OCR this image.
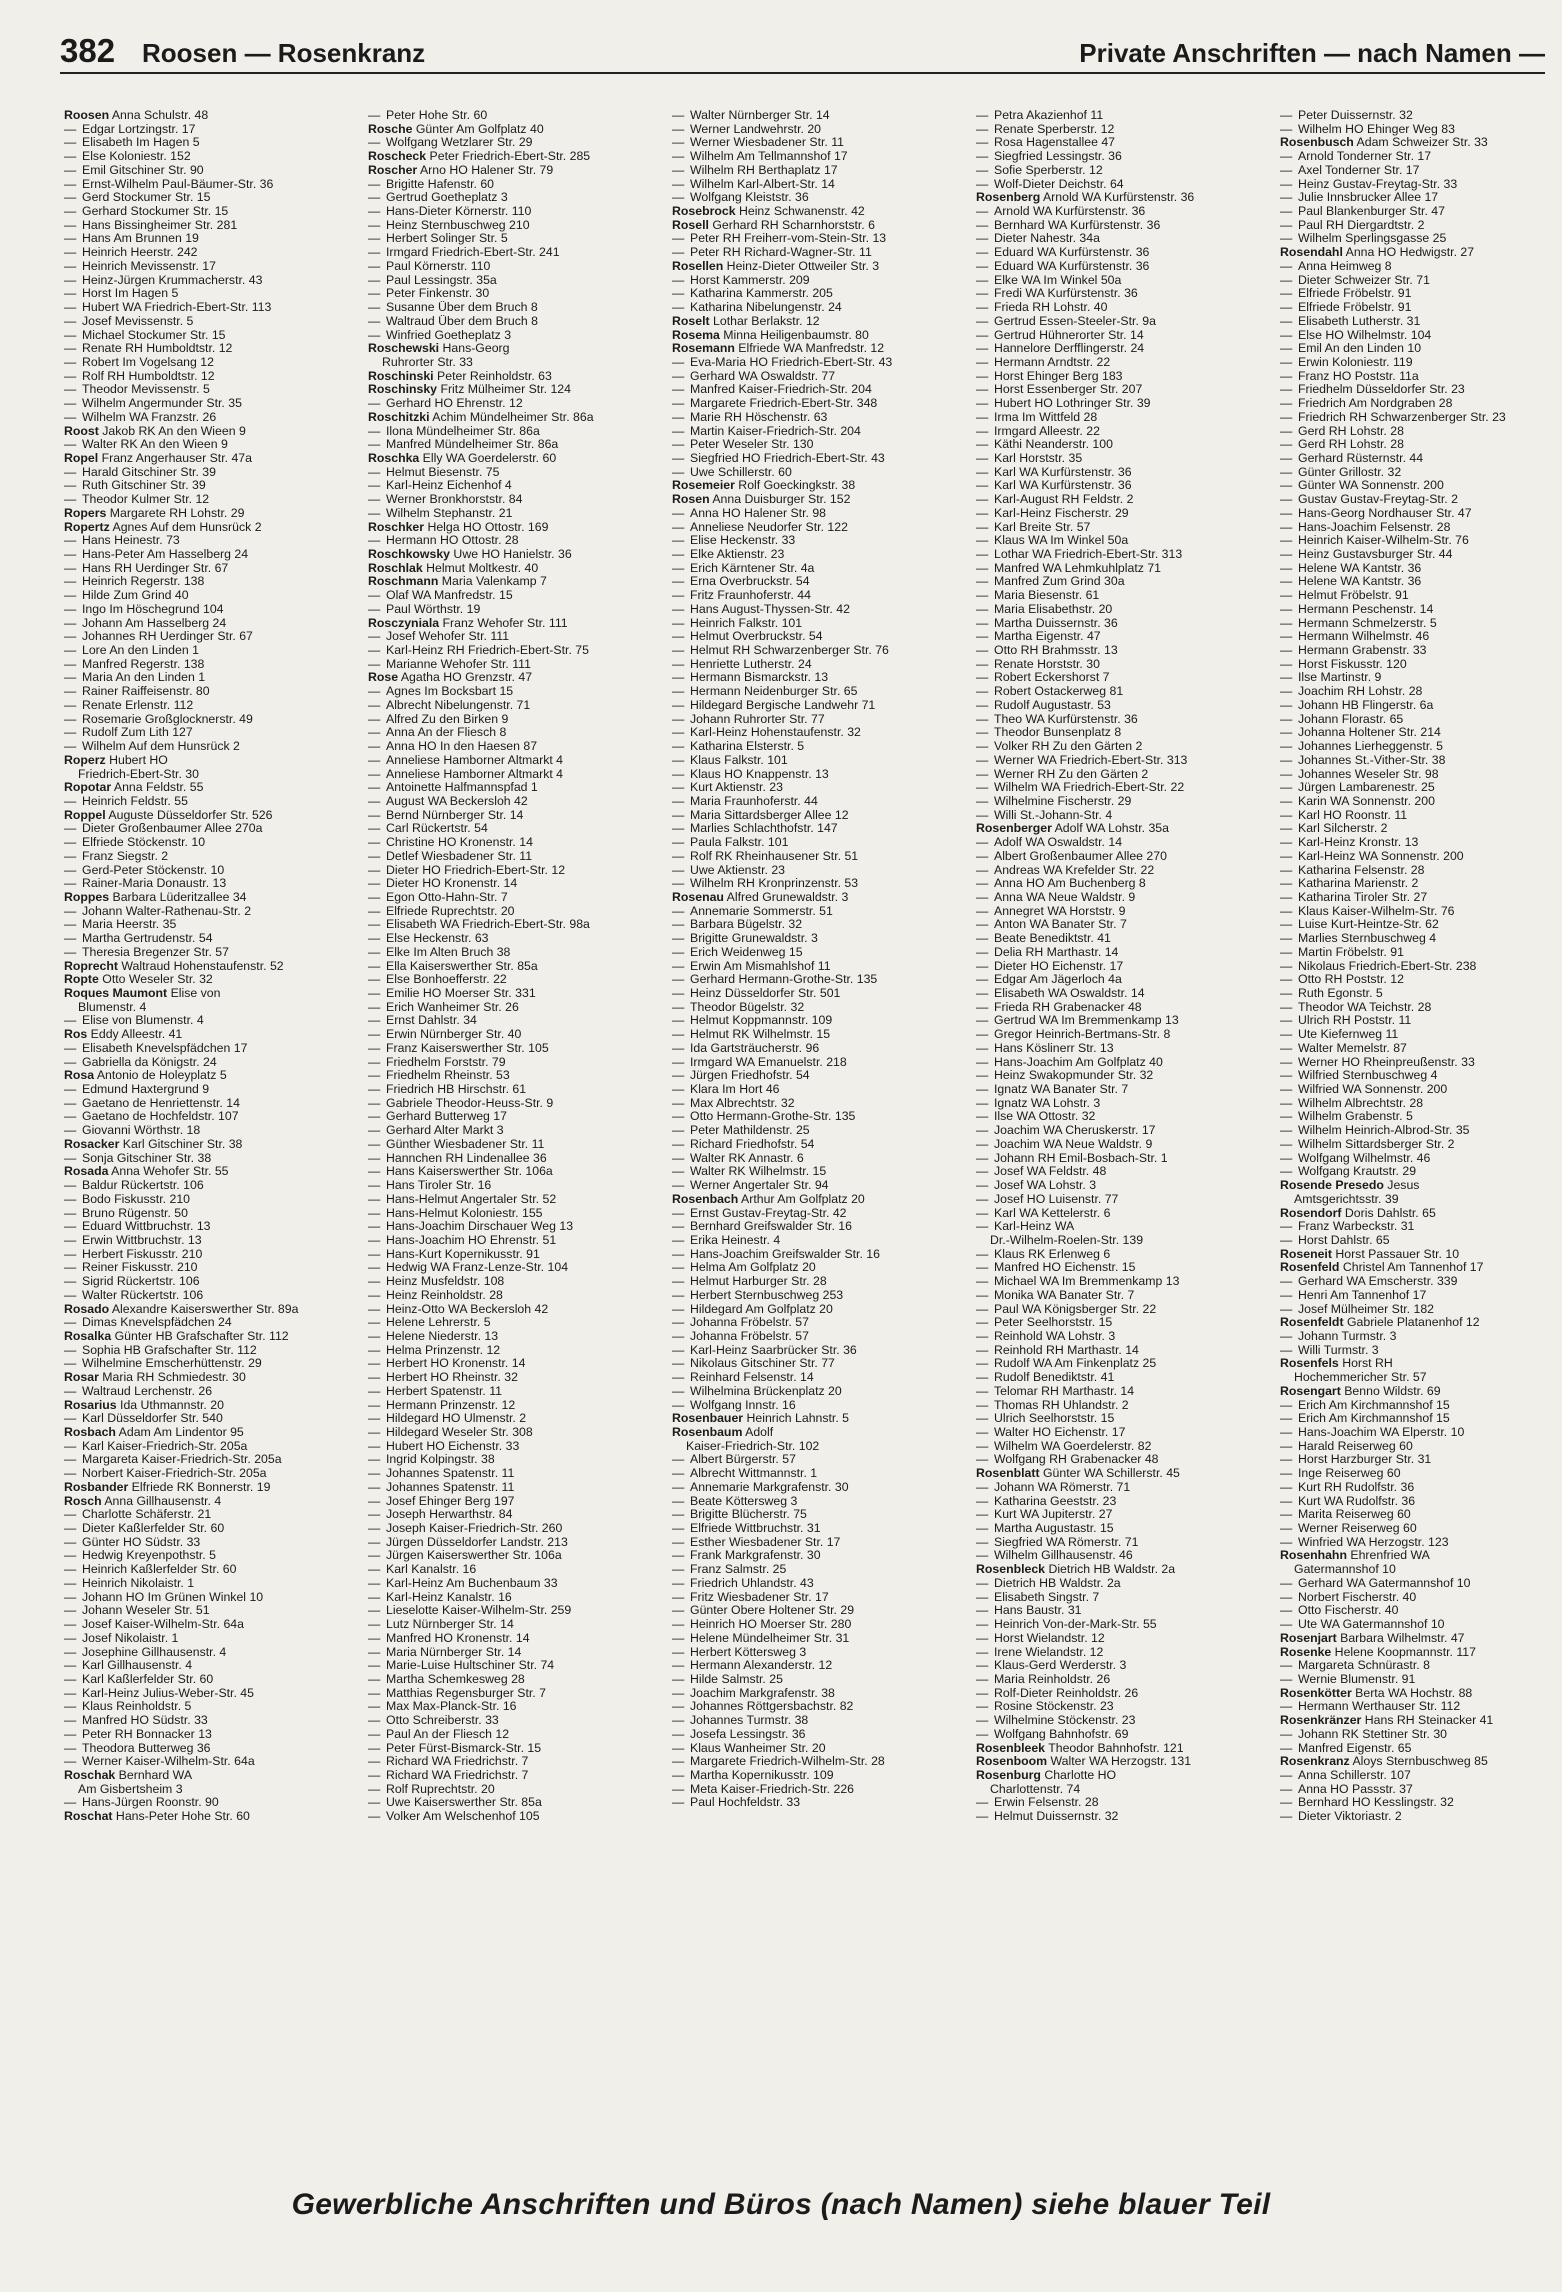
382 Roosen — Rosenkranz	Private Anschriften — nach Namen —
Roosen Anna Schulstr. 48
— Edgar Lortzingstr. 17
— Elisabeth Im Hagen 5
— Else Koloniestr. 152
— Emil Gitschiner Str. 90
— Ernst-Wilhelm Paul-Bäumer-Str. 36
— Gerd Stockumer Str. 15
— Gerhard Stockumer Str. 15
— Hans Bissingheimer Str. 281
— Hans Am Brunnen 19
— Heinrich Heerstr. 242
— Heinrich Mevissenstr. 17
— Heinz-Jürgen Krummacherstr. 43
— Horst Im Hagen 5
— Hubert WA Friedrich-Ebert-Str. 113
— Josef Mevissenstr. 5
— Michael Stockumer Str. 15
— Renate RH Humboldtstr. 12
— Robert Im Vogelsang 12
— Rolf RH Humboldtstr. 12
— Theodor Mevissenstr. 5
— Wilhelm Angermunder Str. 35
— Wilhelm WA Franzstr. 26
Roost Jakob RK An den Wieen 9
— Walter RK An den Wieen 9
Ropel Franz Angerhauser Str. 47a
— Harald Gitschiner Str. 39
— Ruth Gitschiner Str. 39
— Theodor Kulmer Str. 12
Ropers Margarete RH Lohstr. 29
Ropertz Agnes Auf dem Hunsrück 2
— Hans Heinestr. 73
— Hans-Peter Am Hasselberg 24
— Hans RH Uerdinger Str. 67
— Heinrich Regerstr. 138
— Hilde Zum Grind 40
— Ingo Im Höschegrund 104
— Johann Am Hasselberg 24
— Johannes RH Uerdinger Str. 67
— Lore An den Linden 1
— Manfred Regerstr. 138
— Maria An den Linden 1
— Rainer Raiffeisenstr. 80
— Renate Erlenstr. 112
— Rosemarie Großglocknerstr. 49
— Rudolf Zum Lith 127
— Wilhelm Auf dem Hunsrück 2
Roperz Hubert HO
Friedrich-Ebert-Str. 30
Ropotar Anna Feldstr. 55
— Heinrich Feldstr. 55
Roppel Auguste Düsseldorfer Str. 526
— Dieter Großenbaumer Allee 270a
— Elfriede Stöckenstr. 10
— Franz Siegstr. 2
— Gerd-Peter Stöckenstr. 10
— Rainer-Maria Donaustr. 13
Roppes Barbara Lüderitzallee 34
— Johann Walter-Rathenau-Str. 2
— Maria Heerstr. 35
— Martha Gertrudenstr. 54
— Theresia Bregenzer Str. 57
Roprecht Waltraud Hohenstaufenstr. 52
Ropte Otto Weseler Str. 32
Roques Maumont Elise von
Blumenstr. 4
— Elise von Blumenstr. 4
Ros Eddy Alleestr. 41
— Elisabeth Knevelspfädchen 17
— Gabriella da Königstr. 24
Rosa Antonio de Holeyplatz 5
— Edmund Haxtergrund 9
— Gaetano de Henriettenstr. 14
— Gaetano de Hochfeldstr. 107
— Giovanni Wörthstr. 18
Rosacker Karl Gitschiner Str. 38
— Sonja Gitschiner Str. 38
Rosada Anna Wehofer Str. 55
— Baldur Rückertstr. 106
— Bodo Fiskusstr. 210
— Bruno Rügenstr. 50
— Eduard Wittbruchstr. 13
— Erwin Wittbruchstr. 13
— Herbert Fiskusstr. 210
— Reiner Fiskusstr. 210
— Sigrid Rückertstr. 106
— Walter Rückertstr. 106
Rosado Alexandre Kaiserswerther Str. 89a
— Dimas Knevelspfädchen 24
Rosalka Günter HB Grafschafter Str. 112
— Sophia HB Grafschafter Str. 112
— Wilhelmine Emscherhüttenstr. 29
Rosar Maria RH Schmiedestr. 30
— Waltraud Lerchenstr. 26
Rosarius Ida Uthmannstr. 20
— Karl Düsseldorfer Str. 540
Rosbach Adam Am Lindentor 95
— Karl Kaiser-Friedrich-Str. 205a
— Margareta Kaiser-Friedrich-Str. 205a
— Norbert Kaiser-Friedrich-Str. 205a
Rosbander Elfriede RK Bonnerstr. 19
Rosch Anna Gillhausenstr. 4
— Charlotte Schäferstr. 21
— Dieter Kaßlerfelder Str. 60
— Günter HO Südstr. 33
— Hedwig Kreyenpothstr. 5
— Heinrich Kaßlerfelder Str. 60
— Heinrich Nikolaistr. 1
— Johann HO Im Grünen Winkel 10
— Johann Weseler Str. 51
— Josef Kaiser-Wilhelm-Str. 64a
— Josef Nikolaistr. 1
— Josephine Gillhausenstr. 4
— Karl Gillhausenstr. 4
— Karl Kaßlerfelder Str. 60
— Karl-Heinz Julius-Weber-Str. 45
— Klaus Reinholdstr. 5
— Manfred HO Südstr. 33
— Peter RH Bonnacker 13
— Theodora Butterweg 36
— Werner Kaiser-Wilhelm-Str. 64a
Roschak Bernhard WA
Am Gisbertsheim 3
— Hans-Jürgen Roonstr. 90
Roschat Hans-Peter Hohe Str. 60
— Peter Hohe Str. 60
Rosche Günter Am Golfplatz 40
— Wolfgang Wetzlarer Str. 29
Roscheck Peter Friedrich-Ebert-Str. 285
Roscher Arno HO Halener Str. 79
— Brigitte Hafenstr. 60
— Gertrud Goetheplatz 3
— Hans-Dieter Körnerstr. 110
— Heinz Sternbuschweg 210
— Herbert Solinger Str. 5
— Irmgard Friedrich-Ebert-Str. 241
— Paul Körnerstr. 110
— Paul Lessingstr. 35a
— Peter Finkenstr. 30
— Susanne Über dem Bruch 8
— Waltraud Über dem Bruch 8
— Winfried Goetheplatz 3
Roschewski Hans-Georg
Ruhrorter Str. 33
Roschinski Peter Reinholdstr. 63
Roschinsky Fritz Mülheimer Str. 124
— Gerhard HO Ehrenstr. 12
Roschitzki Achim Mündelheimer Str. 86a
— Ilona Mündelheimer Str. 86a
— Manfred Mündelheimer Str. 86a
Roschka Elly WA Goerdelerstr. 60
— Helmut Biesenstr. 75
— Karl-Heinz Eichenhof 4
— Werner Bronkhorststr. 84
— Wilhelm Stephanstr. 21
Roschker Helga HO Ottostr. 169
— Hermann HO Ottostr. 28
Roschkowsky Uwe HO Hanielstr. 36
Roschlak Helmut Moltkestr. 40
Roschmann Maria Valenkamp 7
— Olaf WA Manfredstr. 15
— Paul Wörthstr. 19
Rosczyniala Franz Wehofer Str. 111
— Josef Wehofer Str. 111
— Karl-Heinz RH Friedrich-Ebert-Str. 75
— Marianne Wehofer Str. 111
Rose Agatha HO Grenzstr. 47
— Agnes Im Bocksbart 15
— Albrecht Nibelungenstr. 71
— Alfred Zu den Birken 9
— Anna An der Fliesch 8
— Anna HO In den Haesen 87
— Anneliese Hamborner Altmarkt 4
— Anneliese Hamborner Altmarkt 4
— Antoinette Halfmannspfad 1
— August WA Beckersloh 42
— Bernd Nürnberger Str. 14
— Carl Rückertstr. 54
— Christine HO Kronenstr. 14
— Detlef Wiesbadener Str. 11
— Dieter HO Friedrich-Ebert-Str. 12
— Dieter HO Kronenstr. 14
— Egon Otto-Hahn-Str. 7
— Elfriede Ruprechtstr. 20
— Elisabeth WA Friedrich-Ebert-Str. 98a
— Else Heckenstr. 63
— Elke Im Alten Bruch 38
— Ella Kaiserswerther Str. 85a
— Else Bonhoefferstr. 22
— Emilie HO Moerser Str. 331
— Erich Wanheimer Str. 26
— Ernst Dahlstr. 34
— Erwin Nürnberger Str. 40
— Franz Kaiserswerther Str. 105
— Friedhelm Forststr. 79
— Friedhelm Rheinstr. 53
— Friedrich HB Hirschstr. 61
— Gabriele Theodor-Heuss-Str. 9
— Gerhard Butterweg 17
— Gerhard Alter Markt 3
— Günther Wiesbadener Str. 11
— Hannchen RH Lindenallee 36
— Hans Kaiserswerther Str. 106a
— Hans Tiroler Str. 16
— Hans-Helmut Angertaler Str. 52
— Hans-Helmut Koloniestr. 155
— Hans-Joachim Dirschauer Weg 13
— Hans-Joachim HO Ehrenstr. 51
— Hans-Kurt Kopernikusstr. 91
— Hedwig WA Franz-Lenze-Str. 104
— Heinz Musfeldstr. 108
— Heinz Reinholdstr. 28
— Heinz-Otto WA Beckersloh 42
— Helene Lehrerstr. 5
— Helene Niederstr. 13
— Helma Prinzenstr. 12
— Herbert HO Kronenstr. 14
— Herbert HO Rheinstr. 32
— Herbert Spatenstr. 11
— Hermann Prinzenstr. 12
— Hildegard HO Ulmenstr. 2
— Hildegard Weseler Str. 308
— Hubert HO Eichenstr. 33
— Ingrid Kolpingstr. 38
— Johannes Spatenstr. 11
— Johannes Spatenstr. 11
— Josef Ehinger Berg 197
— Joseph Herwarthstr. 84
— Joseph Kaiser-Friedrich-Str. 260
— Jürgen Düsseldorfer Landstr. 213
— Jürgen Kaiserswerther Str. 106a
— Karl Kanalstr. 16
— Karl-Heinz Am Buchenbaum 33
— Karl-Heinz Kanalstr. 16
— Lieselotte Kaiser-Wilhelm-Str. 259
— Lutz Nürnberger Str. 14
— Manfred HO Kronenstr. 14
— Maria Nürnberger Str. 14
— Marie-Luise Hultschiner Str. 74
— Martha Schemkesweg 28
— Matthias Regensburger Str. 7
— Max Max-Planck-Str. 16
— Otto Schreiberstr. 33
— Paul An der Fliesch 12
— Peter Fürst-Bismarck-Str. 15
— Richard WA Friedrichstr. 7
— Richard WA Friedrichstr. 7
— Rolf Ruprechtstr. 20
— Uwe Kaiserswerther Str. 85a
— Volker Am Welschenhof 105
— Walter Nürnberger Str. 14
— Werner Landwehrstr. 20
— Werner Wiesbadener Str. 11
— Wilhelm Am Tellmannshof 17
— Wilhelm RH Berthaplatz 17
— Wilhelm Karl-Albert-Str. 14
— Wolfgang Kleiststr. 36
Rosebrock Heinz Schwanenstr. 42
Rosell Gerhard RH Scharnhorststr. 6
— Peter RH Freiherr-vom-Stein-Str. 13
— Peter RH Richard-Wagner-Str. 11
Rosellen Heinz-Dieter Ottweiler Str. 3
— Horst Kammerstr. 209
— Katharina Kammerstr. 205
— Katharina Nibelungenstr. 24
Roselt Lothar Berlakstr. 12
Rosema Minna Heiligenbaumstr. 80
Rosemann Elfriede WA Manfredstr. 12
— Eva-Maria HO Friedrich-Ebert-Str. 43
— Gerhard WA Oswaldstr. 77
— Manfred Kaiser-Friedrich-Str. 204
— Margarete Friedrich-Ebert-Str. 348
— Marie RH Höschenstr. 63
— Martin Kaiser-Friedrich-Str. 204
— Peter Weseler Str. 130
— Siegfried HO Friedrich-Ebert-Str. 43
— Uwe Schillerstr. 60
Rosemeier Rolf Goeckingkstr. 38
Rosen Anna Duisburger Str. 152
— Anna HO Halener Str. 98
— Anneliese Neudorfer Str. 122
— Elise Heckenstr. 33
— Elke Aktienstr. 23
— Erich Kärntener Str. 4a
— Erna Overbruckstr. 54
— Fritz Fraunhoferstr. 44
— Hans August-Thyssen-Str. 42
— Heinrich Falkstr. 101
— Helmut Overbruckstr. 54
— Helmut RH Schwarzenberger Str. 76
— Henriette Lutherstr. 24
— Hermann Bismarckstr. 13
— Hermann Neidenburger Str. 65
— Hildegard Bergische Landwehr 71
— Johann Ruhrorter Str. 77
— Karl-Heinz Hohenstaufenstr. 32
— Katharina Elsterstr. 5
— Klaus Falkstr. 101
— Klaus HO Knappenstr. 13
— Kurt Aktienstr. 23
— Maria Fraunhoferstr. 44
— Maria Sittardsberger Allee 12
— Marlies Schlachthofstr. 147
— Paula Falkstr. 101
— Rolf RK Rheinhausener Str. 51
— Uwe Aktienstr. 23
— Wilhelm RH Kronprinzenstr. 53
Rosenau Alfred Grunewaldstr. 3
— Annemarie Sommerstr. 51
— Barbara Bügelstr. 32
— Brigitte Grunewaldstr. 3
— Erich Weidenweg 15
— Erwin Am Mismahlshof 11
— Gerhard Hermann-Grothe-Str. 135
— Heinz Düsseldorfer Str. 501
— Theodor Bügelstr. 32
— Helmut Koppmannstr. 109
— Helmut RK Wilhelmstr. 15
— Ida Gartsträucherstr. 96
— Irmgard WA Emanuelstr. 218
— Jürgen Friedhofstr. 54
— Klara Im Hort 46
— Max Albrechtstr. 32
— Otto Hermann-Grothe-Str. 135
— Peter Mathildenstr. 25
— Richard Friedhofstr. 54
— Walter RK Annastr. 6
— Walter RK Wilhelmstr. 15
— Werner Angertaler Str. 94
Rosenbach Arthur Am Golfplatz 20
— Ernst Gustav-Freytag-Str. 42
— Bernhard Greifswalder Str. 16
— Erika Heinestr. 4
— Hans-Joachim Greifswalder Str. 16
— Helma Am Golfplatz 20
— Helmut Harburger Str. 28
— Herbert Sternbuschweg 253
— Hildegard Am Golfplatz 20
— Johanna Fröbelstr. 57
— Johanna Fröbelstr. 57
— Karl-Heinz Saarbrücker Str. 36
— Nikolaus Gitschiner Str. 77
— Reinhard Felsenstr. 14
— Wilhelmina Brückenplatz 20
— Wolfgang Innstr. 16
Rosenbauer Heinrich Lahnstr. 5
Rosenbaum Adolf
Kaiser-Friedrich-Str. 102
— Albert Bürgerstr. 57
— Albrecht Wittmannstr. 1
— Annemarie Markgrafenstr. 30
— Beate Köttersweg 3
— Brigitte Blücherstr. 75
— Elfriede Wittbruchstr. 31
— Esther Wiesbadener Str. 17
— Frank Markgrafenstr. 30
— Franz Salmstr. 25
— Friedrich Uhlandstr. 43
— Fritz Wiesbadener Str. 17
— Günter Obere Holtener Str. 29
— Heinrich HO Moerser Str. 280
— Helene Mündelheimer Str. 31
— Herbert Köttersweg 3
— Hermann Alexanderstr. 12
— Hilde Salmstr. 25
— Joachim Markgrafenstr. 38
— Johannes Röttgersbachstr. 82
— Johannes Turmstr. 38
— Josefa Lessingstr. 36
— Klaus Wanheimer Str. 20
— Margarete Friedrich-Wilhelm-Str. 28
— Martha Kopernikusstr. 109
— Meta Kaiser-Friedrich-Str. 226
— Paul Hochfeldstr. 33
— Petra Akazienhof 11
— Renate Sperberstr. 12
— Rosa Hagenstallee 47
— Siegfried Lessingstr. 36
— Sofie Sperberstr. 12
— Wolf-Dieter Deichstr. 64
Rosenberg Arnold WA Kurfürstenstr. 36
— Arnold WA Kurfürstenstr. 36
— Bernhard WA Kurfürstenstr. 36
— Dieter Nahestr. 34a
— Eduard WA Kurfürstenstr. 36
— Eduard WA Kurfürstenstr. 36
— Elke WA Im Winkel 50a
— Fredi WA Kurfürstenstr. 36
— Frieda RH Lohstr. 40
— Gertrud Essen-Steeler-Str. 9a
— Gertrud Hühnerorter Str. 14
— Hannelore Derfflingerstr. 24
— Hermann Arndtstr. 22
— Horst Ehinger Berg 183
— Horst Essenberger Str. 207
— Hubert HO Lothringer Str. 39
— Irma Im Wittfeld 28
— Irmgard Alleestr. 22
— Käthi Neanderstr. 100
— Karl Horststr. 35
— Karl WA Kurfürstenstr. 36
— Karl WA Kurfürstenstr. 36
— Karl-August RH Feldstr. 2
— Karl-Heinz Fischerstr. 29
— Karl Breite Str. 57
— Klaus WA Im Winkel 50a
— Lothar WA Friedrich-Ebert-Str. 313
— Manfred WA Lehmkuhlplatz 71
— Manfred Zum Grind 30a
— Maria Biesenstr. 61
— Maria Elisabethstr. 20
— Martha Duissernstr. 36
— Martha Eigenstr. 47
— Otto RH Brahmsstr. 13
— Renate Horststr. 30
— Robert Eckershorst 7
— Robert Ostackerweg 81
— Rudolf Augustastr. 53
— Theo WA Kurfürstenstr. 36
— Theodor Bunsenplatz 8
— Volker RH Zu den Gärten 2
— Werner WA Friedrich-Ebert-Str. 313
— Werner RH Zu den Gärten 2
— Wilhelm WA Friedrich-Ebert-Str. 22
— Wilhelmine Fischerstr. 29
— Willi St.-Johann-Str. 4
Rosenberger Adolf WA Lohstr. 35a
— Adolf WA Oswaldstr. 14
— Albert Großenbaumer Allee 270
— Andreas WA Krefelder Str. 22
— Anna HO Am Buchenberg 8
— Anna WA Neue Waldstr. 9
— Annegret WA Horststr. 9
— Anton WA Banater Str. 7
— Beate Benediktstr. 41
— Delia RH Marthastr. 14
— Dieter HO Eichenstr. 17
— Edgar Am Jägerloch 4a
— Elisabeth WA Oswaldstr. 14
— Frieda RH Grabenacker 48
— Gertrud WA Im Bremmenkamp 13
— Gregor Heinrich-Bertmans-Str. 8
— Hans Köslinerr Str. 13
— Hans-Joachim Am Golfplatz 40
— Heinz Swakopmunder Str. 32
— Ignatz WA Banater Str. 7
— Ignatz WA Lohstr. 3
— Ilse WA Ottostr. 32
— Joachim WA Cheruskerstr. 17
— Joachim WA Neue Waldstr. 9
— Johann RH Emil-Bosbach-Str. 1
— Josef WA Feldstr. 48
— Josef WA Lohstr. 3
— Josef HO Luisenstr. 77
— Karl WA Kettelerstr. 6
— Karl-Heinz WA
Dr.-Wilhelm-Roelen-Str. 139
— Klaus RK Erlenweg 6
— Manfred HO Eichenstr. 15
— Michael WA Im Bremmenkamp 13
— Monika WA Banater Str. 7
— Paul WA Königsberger Str. 22
— Peter Seelhorststr. 15
— Reinhold WA Lohstr. 3
— Reinhold RH Marthastr. 14
— Rudolf WA Am Finkenplatz 25
— Rudolf Benediktstr. 41
— Telomar RH Marthastr. 14
— Thomas RH Uhlandstr. 2
— Ulrich Seelhorststr. 15
— Walter HO Eichenstr. 17
— Wilhelm WA Goerdelerstr. 82
— Wolfgang RH Grabenacker 48
Rosenblatt Günter WA Schillerstr. 45
— Johann WA Römerstr. 71
— Katharina Geeststr. 23
— Kurt WA Jupiterstr. 27
— Martha Augustastr. 15
— Siegfried WA Römerstr. 71
— Wilhelm Gillhausenstr. 46
Rosenbleck Dietrich HB Waldstr. 2a
— Dietrich HB Waldstr. 2a
— Elisabeth Singstr. 7
— Hans Baustr. 31
— Heinrich Von-der-Mark-Str. 55
— Horst Wielandstr. 12
— Irene Wielandstr. 12
— Klaus-Gerd Werderstr. 3
— Maria Reinholdstr. 26
— Rolf-Dieter Reinholdstr. 26
— Rosine Stöckenstr. 23
— Wilhelmine Stöckenstr. 23
— Wolfgang Bahnhofstr. 69
Rosenbleek Theodor Bahnhofstr. 121
Rosenboom Walter WA Herzogstr. 131
Rosenburg Charlotte HO
Charlottenstr. 74
— Erwin Felsenstr. 28
— Helmut Duissernstr. 32
— Peter Duissernstr. 32
— Wilhelm HO Ehinger Weg 83
Rosenbusch Adam Schweizer Str. 33
— Arnold Tonderner Str. 17
— Axel Tonderner Str. 17
— Heinz Gustav-Freytag-Str. 33
— Julie Innsbrucker Allee 17
— Paul Blankenburger Str. 47
— Paul RH Diergardtstr. 2
— Wilhelm Sperlingsgasse 25
Rosendahl Anna HO Hedwigstr. 27
— Anna Heimweg 8
— Dieter Schweizer Str. 71
— Elfriede Fröbelstr. 91
— Elfriede Fröbelstr. 91
— Elisabeth Lutherstr. 31
— Else HO Wilhelmstr. 104
— Emil An den Linden 10
— Erwin Koloniestr. 119
— Franz HO Poststr. 11a
— Friedhelm Düsseldorfer Str. 23
— Friedrich Am Nordgraben 28
— Friedrich RH Schwarzenberger Str. 23
— Gerd RH Lohstr. 28
— Gerd RH Lohstr. 28
— Gerhard Rüsternstr. 44
— Günter Grillostr. 32
— Günter WA Sonnenstr. 200
— Gustav Gustav-Freytag-Str. 2
— Hans-Georg Nordhauser Str. 47
— Hans-Joachim Felsenstr. 28
— Heinrich Kaiser-Wilhelm-Str. 76
— Heinz Gustavsburger Str. 44
— Helene WA Kantstr. 36
— Helene WA Kantstr. 36
— Helmut Fröbelstr. 91
— Hermann Peschenstr. 14
— Hermann Schmelzerstr. 5
— Hermann Wilhelmstr. 46
— Hermann Grabenstr. 33
— Horst Fiskusstr. 120
— Ilse Martinstr. 9
— Joachim RH Lohstr. 28
— Johann HB Flingerstr. 6a
— Johann Florastr. 65
— Johanna Holtener Str. 214
— Johannes Lierheggenstr. 5
— Johannes St.-Vither-Str. 38
— Johannes Weseler Str. 98
— Jürgen Lambarenestr. 25
— Karin WA Sonnenstr. 200
— Karl HO Roonstr. 11
— Karl Silcherstr. 2
— Karl-Heinz Kronstr. 13
— Karl-Heinz WA Sonnenstr. 200
— Katharina Felsenstr. 28
— Katharina Marienstr. 2
— Katharina Tiroler Str. 27
— Klaus Kaiser-Wilhelm-Str. 76
— Luise Kurt-Heintze-Str. 62
— Marlies Sternbuschweg 4
— Martin Fröbelstr. 91
— Nikolaus Friedrich-Ebert-Str. 238
— Otto RH Poststr. 12
— Ruth Egonstr. 5
— Theodor WA Teichstr. 28
— Ulrich RH Poststr. 11
— Ute Kiefernweg 11
— Walter Memelstr. 87
— Werner HO Rheinpreußenstr. 33
— Wilfried Sternbuschweg 4
— Wilfried WA Sonnenstr. 200
— Wilhelm Albrechtstr. 28
— Wilhelm Grabenstr. 5
— Wilhelm Heinrich-Albrod-Str. 35
— Wilhelm Sittardsberger Str. 2
— Wolfgang Wilhelmstr. 46
— Wolfgang Krautstr. 29
Rosende Presedo Jesus
Amtsgerichtsstr. 39
Rosendorf Doris Dahlstr. 65
— Franz Warbeckstr. 31
— Horst Dahlstr. 65
Roseneit Horst Passauer Str. 10
Rosenfeld Christel Am Tannenhof 17
— Gerhard WA Emscherstr. 339
— Henri Am Tannenhof 17
— Josef Mülheimer Str. 182
Rosenfeldt Gabriele Platanenhof 12
— Johann Turmstr. 3
— Willi Turmstr. 3
Rosenfels Horst RH
Hochemmericher Str. 57
Rosengart Benno Wildstr. 69
— Erich Am Kirchmannshof 15
— Erich Am Kirchmannshof 15
— Hans-Joachim WA Elperstr. 10
— Harald Reiserweg 60
— Horst Harzburger Str. 31
— Inge Reiserweg 60
— Kurt RH Rudolfstr. 36
— Kurt WA Rudolfstr. 36
— Marita Reiserweg 60
— Werner Reiserweg 60
— Winfried WA Herzogstr. 123
Rosenhahn Ehrenfried WA
Gatermannshof 10
— Gerhard WA Gatermannshof 10
— Norbert Fischerstr. 40
— Otto Fischerstr. 40
— Ute WA Gatermannshof 10
Rosenjart Barbara Wilhelmstr. 47
Rosenke Helene Koopmannstr. 117
— Margareta Schnürastr. 8
— Wernie Blumenstr. 91
Rosenkötter Berta WA Hochstr. 88
— Hermann Werthauser Str. 112
Rosenkränzer Hans RH Steinacker 41
— Johann RK Stettiner Str. 30
— Manfred Eigenstr. 65
Rosenkranz Aloys Sternbuschweg 85
— Anna Schillerstr. 107
— Anna HO Passstr. 37
— Bernhard HO Kesslingstr. 32
— Dieter Viktoriastr. 2
Gewerbliche Anschriften und Büros (nach Namen) siehe blauer Teil
